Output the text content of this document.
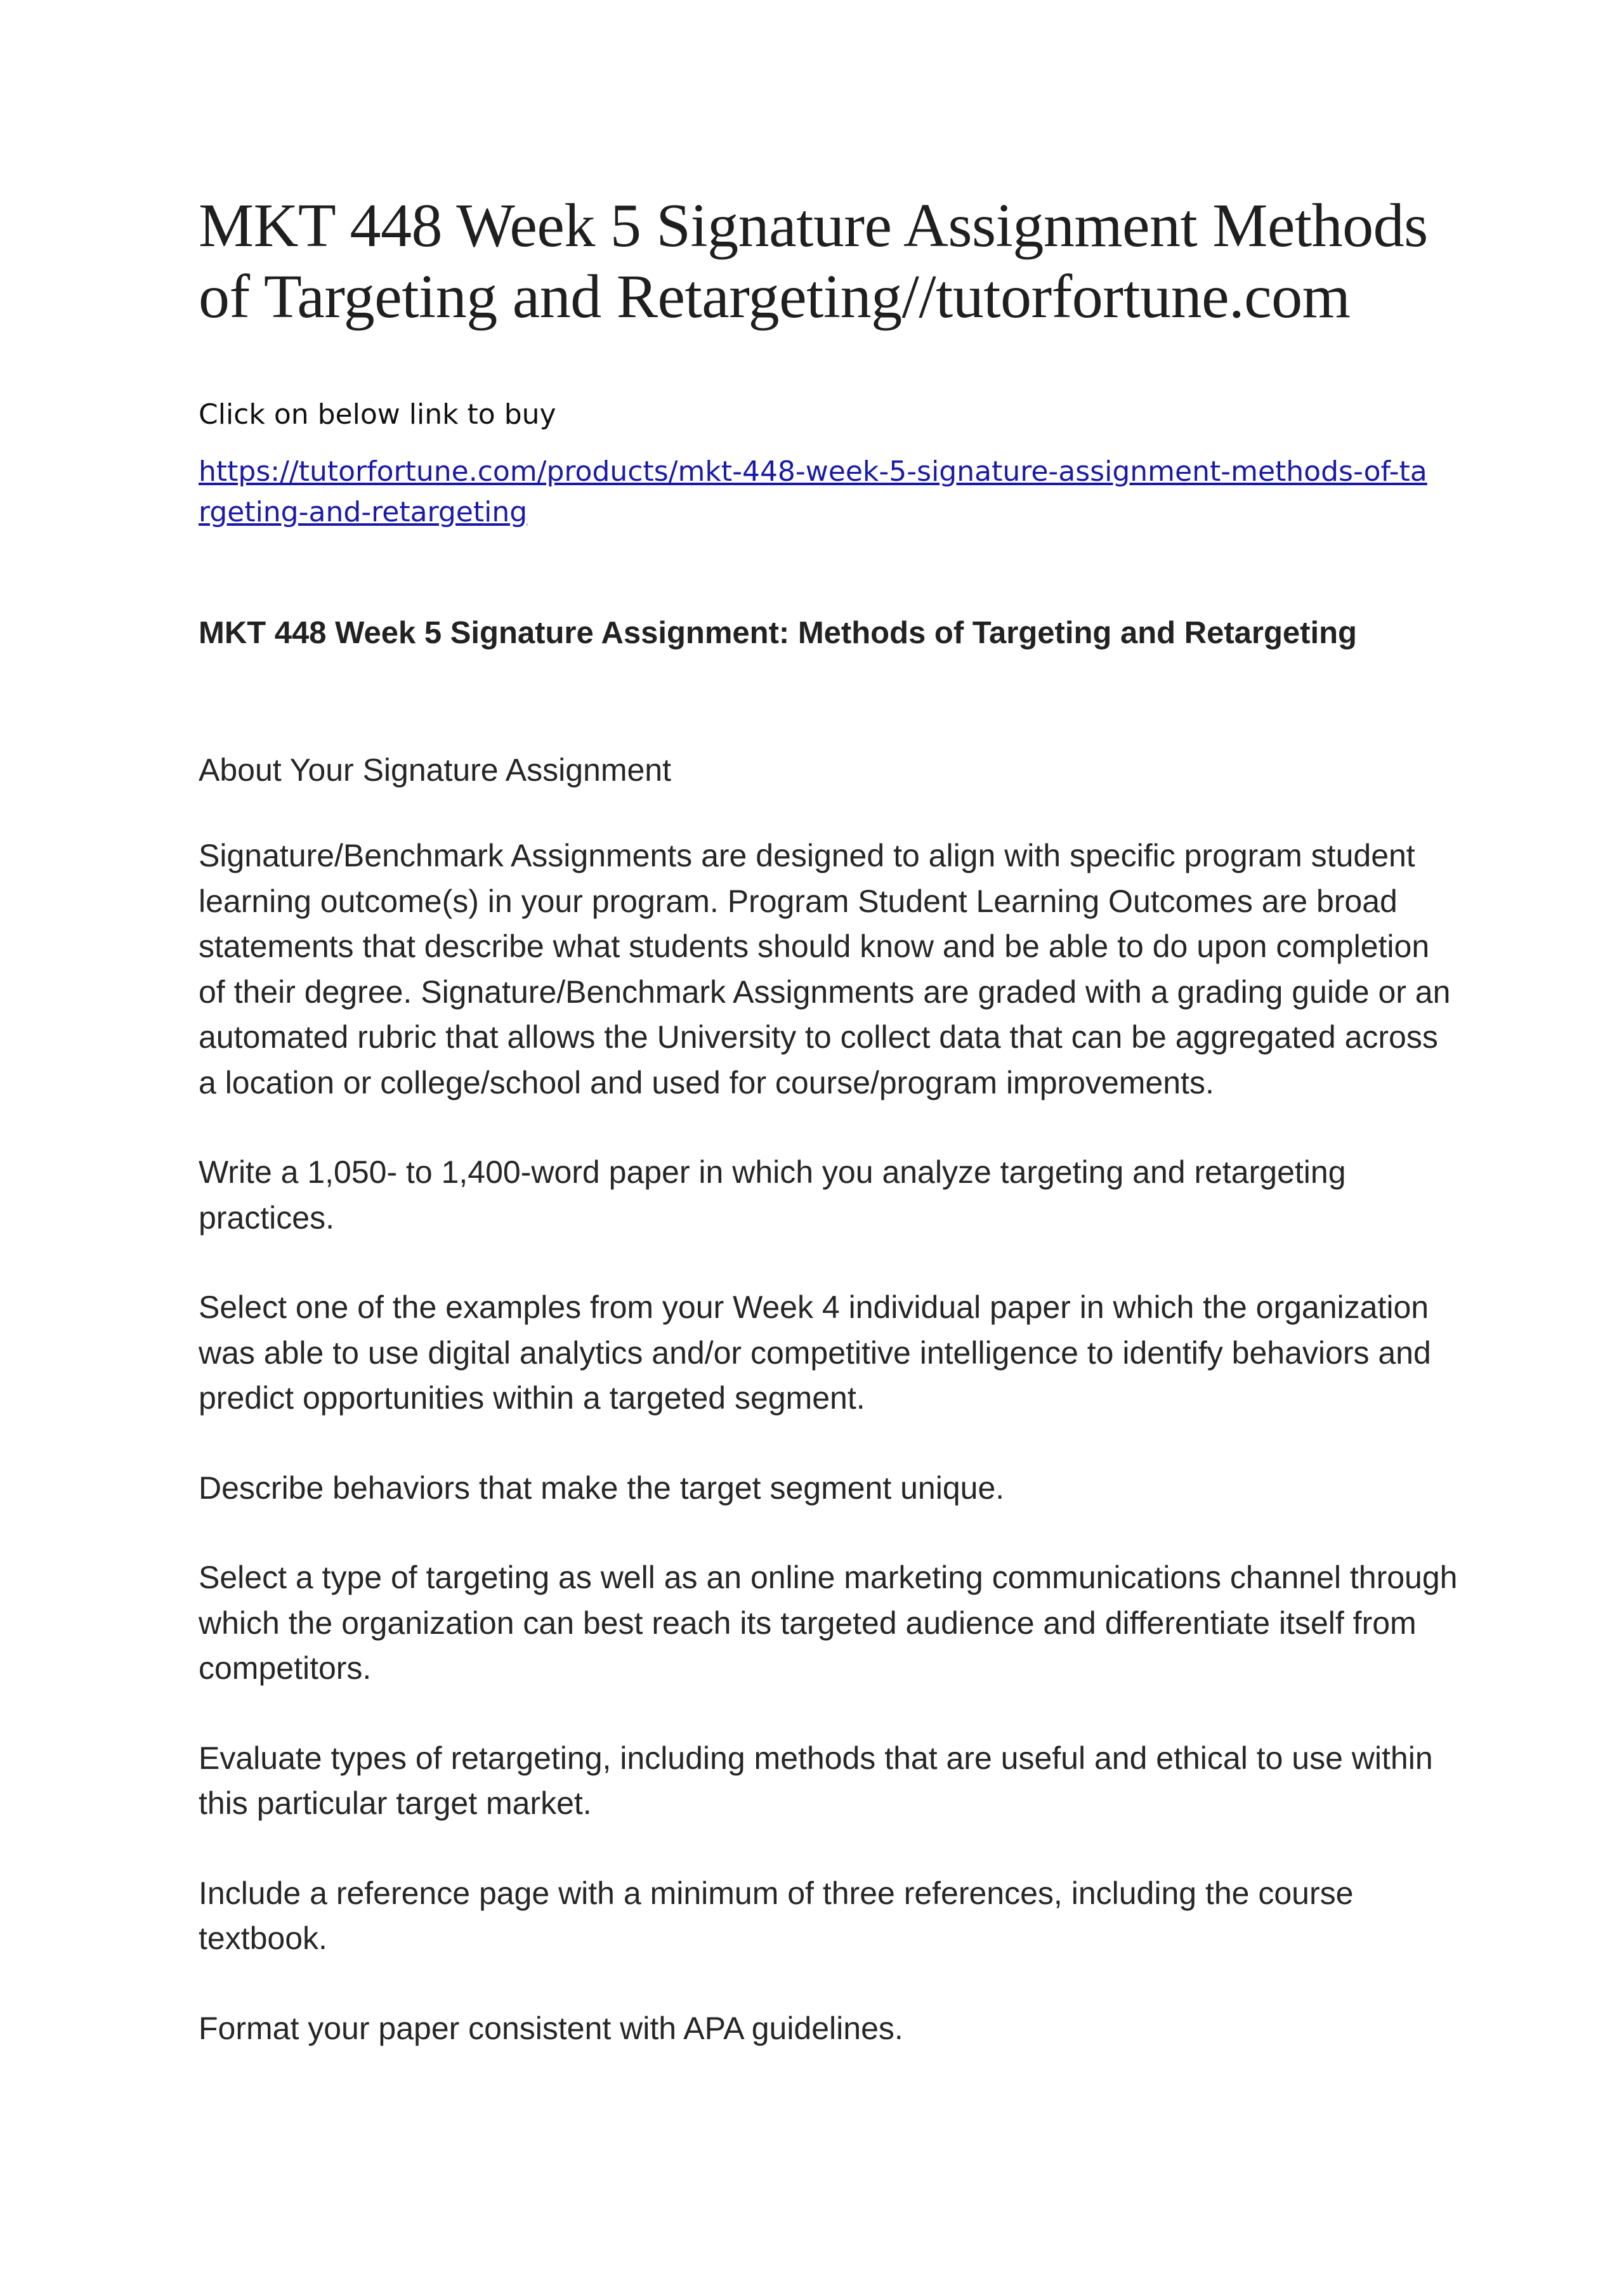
MKT 448 Week 5 Signature Assignment Methods of Targeting and Retargeting//tutorfortune.com
Click on below link to buy
https://tutorfortune.com/products/mkt-448-week-5-signature-assignment-methods-of-targeting-and-retargeting
MKT 448 Week 5 Signature Assignment: Methods of Targeting and Retargeting
About Your Signature Assignment

Signature/Benchmark Assignments are designed to align with specific program student learning outcome(s) in your program. Program Student Learning Outcomes are broad statements that describe what students should know and be able to do upon completion of their degree. Signature/Benchmark Assignments are graded with a grading guide or an automated rubric that allows the University to collect data that can be aggregated across a location or college/school and used for course/program improvements.

Write a 1,050- to 1,400-word paper in which you analyze targeting and retargeting practices.

Select one of the examples from your Week 4 individual paper in which the organization was able to use digital analytics and/or competitive intelligence to identify behaviors and predict opportunities within a targeted segment.

Describe behaviors that make the target segment unique.

Select a type of targeting as well as an online marketing communications channel through which the organization can best reach its targeted audience and differentiate itself from competitors.

Evaluate types of retargeting, including methods that are useful and ethical to use within this particular target market.

Include a reference page with a minimum of three references, including the course textbook.

Format your paper consistent with APA guidelines.
